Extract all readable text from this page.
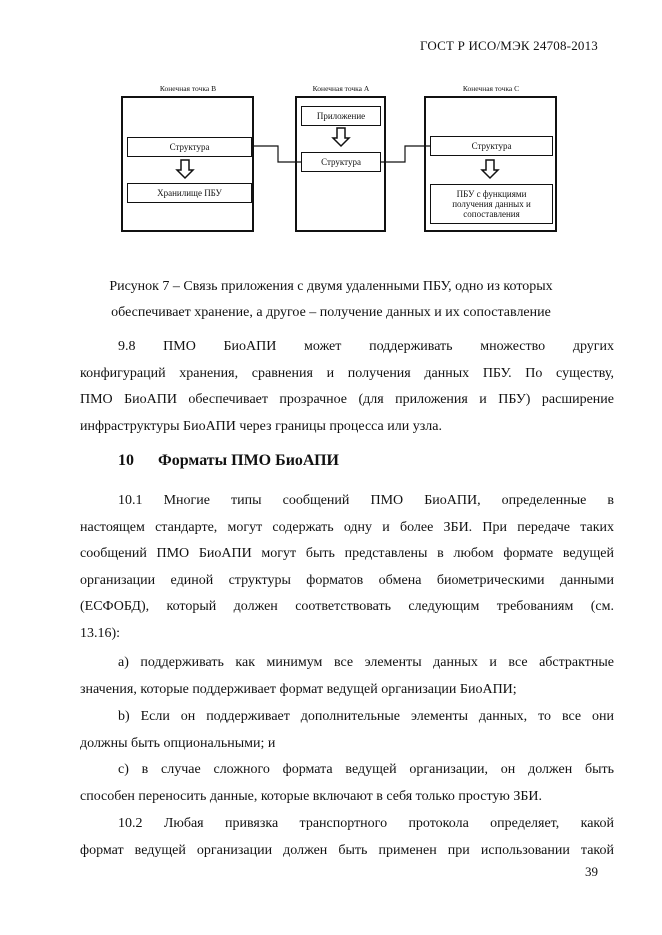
ГОСТ Р ИСО/МЭК 24708-2013
Конечная точка В	Конечная точка А	Конечная точка С
Структура
Хранилище ПБУ
Приложение
Структура
Структура
ПБУ с функциями
получения данных и
сопоставления
Рисунок 7 – Связь приложения с двумя удаленными ПБУ, одно из которых
обеспечивает хранение, а другое – получение данных и их сопоставление
9.8 ПМО БиоАПИ может поддерживать множество других
конфигураций хранения, сравнения и получения данных ПБУ. По существу,
ПМО БиоАПИ обеспечивает прозрачное (для приложения и ПБУ) расширение
инфраструктуры БиоАПИ через границы процесса или узла.
10 Форматы ПМО БиоАПИ
10.1 Многие типы сообщений ПМО БиоАПИ, определенные в
настоящем стандарте, могут содержать одну и более ЗБИ. При передаче таких
сообщений ПМО БиоАПИ могут быть представлены в любом формате ведущей
организации единой структуры форматов обмена биометрическими данными
(ЕСФОБД), который должен соответствовать следующим требованиям (см.
13.16):
а) поддерживать как минимум все элементы данных и все абстрактные
значения, которые поддерживает формат ведущей организации БиоАПИ;
b) Если он поддерживает дополнительные элементы данных, то все они
должны быть опциональными; и
с) в случае сложного формата ведущей организации, он должен быть
способен переносить данные, которые включают в себя только простую ЗБИ.
10.2 Любая привязка транспортного протокола определяет, какой
формат ведущей организации должен быть применен при использовании такой
39
